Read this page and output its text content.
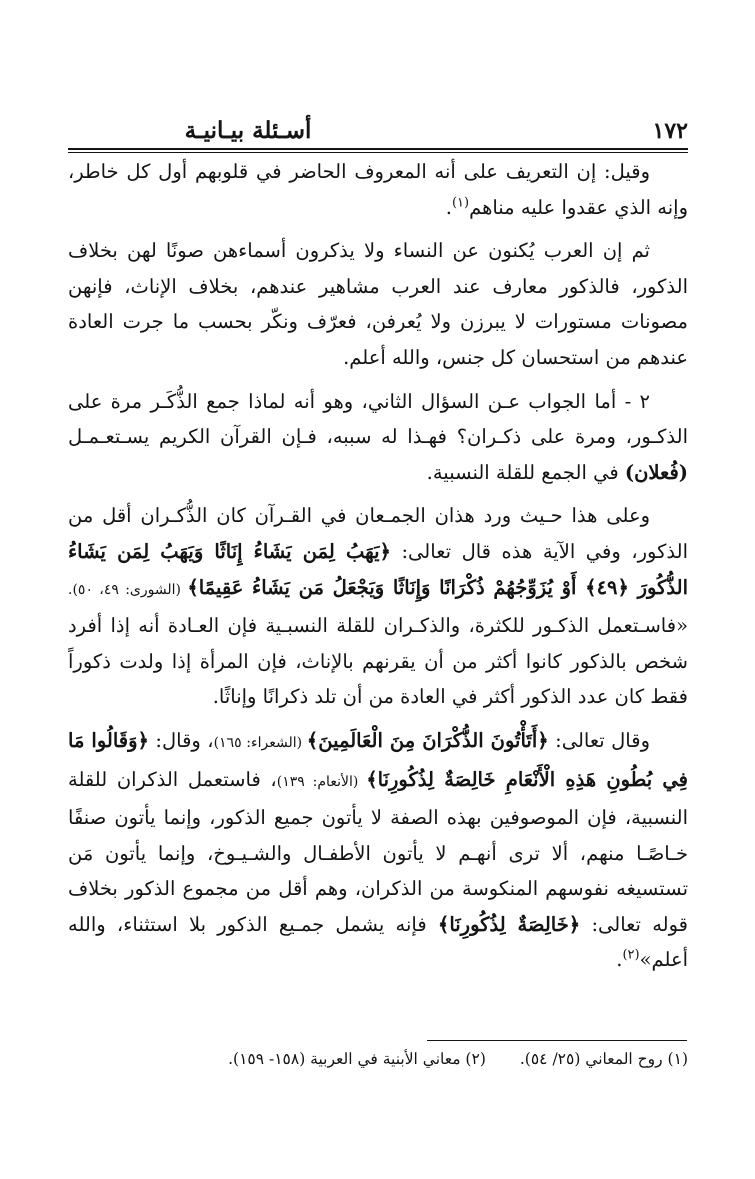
١٧٢
أسـئلة بيـانيـة

وقيل: إن التعريف على أنه المعروف الحاضر في قلوبهم أول كل خاطر، وإنه الذي عقدوا عليه مناهم$^{(١)}$.

ثم إن العرب يُكنون عن النساء ولا يذكرون أسماءهن صونًا لهن بخلاف الذكور، فالذكور معارف عند العرب مشاهير عندهم، بخلاف الإناث، فإنهن مصونات مستورات لا يبرزن ولا يُعرفن، فعرّف ونكّر بحسب ما جرت العادة عندهم من استحسان كل جنس، والله أعلم.

٢ - أما الجواب عـن السؤال الثاني، وهو أنه لماذا جمع الذُّكَـر مرة على الذكـور، ومرة على ذكـران؟ فهـذا له سببه، فـإن القرآن الكريم يسـتعـمـل (فُعلان) في الجمع للقلة النسبية.

وعلى هذا حـيث ورد هذان الجمـعان في القـرآن كان الذُّكـران أقل من الذكور، وفي الآية هذه قال تعالى: ﴿يَهَبُ لِمَن يَشَاءُ إِنَاثًا وَيَهَبُ لِمَن يَشَاءُ الذُّكُورَ ﴿٤٩﴾ أَوْ يُزَوِّجُهُمْ ذُكْرَانًا وَإِنَاثًا وَيَجْعَلُ مَن يَشَاءُ عَقِيمًا﴾ (الشورى: ٤٩، ٥٠). «فاسـتعمل الذكـور للكثرة، والذكـران للقلة النسبـية فإن العـادة أنه إذا أفرد شخص بالذكور كانوا أكثر من أن يقرنهم بالإناث، فإن المرأة إذا ولدت ذكوراً فقط كان عدد الذكور أكثر في العادة من أن تلد ذكرانًا وإناثًا.

وقال تعالى: ﴿أَتَأْتُونَ الذُّكْرَانَ مِنَ الْعَالَمِينَ﴾ (الشعراء: ١٦٥)، وقال: ﴿وَقَالُوا مَا فِي بُطُونِ هَذِهِ الْأَنْعَامِ خَالِصَةٌ لِذُكُورِنَا﴾ (الأنعام: ١٣٩)، فاستعمل الذكران للقلة النسبية، فإن الموصوفين بهذه الصفة لا يأتون جميع الذكور، وإنما يأتون صنفًا خـاصًـا منهم، ألا ترى أنهـم لا يأتون الأطفـال والشـيـوخ، وإنما يأتون مَن تستسيغه نفوسهم المنكوسة من الذكران، وهم أقل من مجموع الذكور بخلاف قوله تعالى: ﴿خَالِصَةٌ لِذُكُورِنَا﴾ فإنه يشمل جمـيع الذكور بلا استثناء، والله أعلم»$^{(٢)}$.

(١) روح المعاني (٢٥/ ٥٤).(٢) معاني الأبنية في العربية (١٥٨- ١٥٩).
